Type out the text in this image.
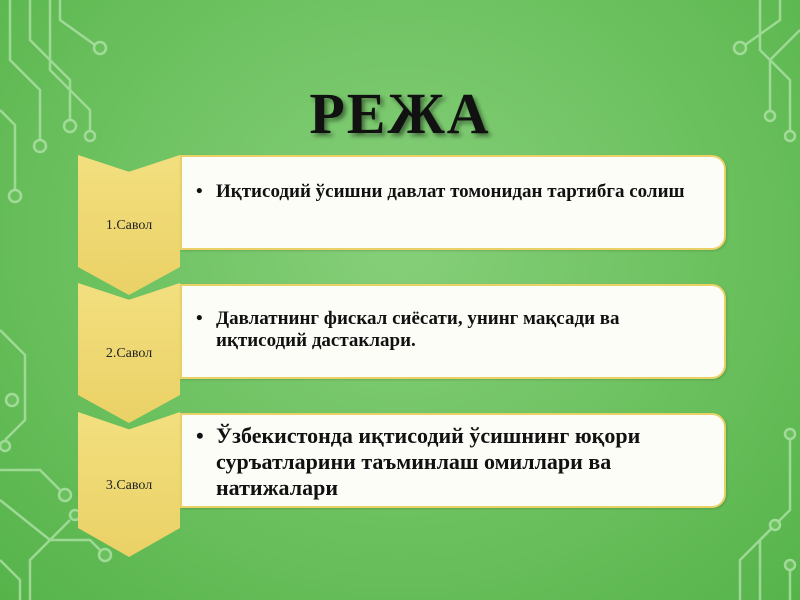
РЕЖА
1.Савол
• Иқтисодий ўсишни давлат томонидан тартибга солиш
2.Савол
• Давлатнинг фискал сиёсати, унинг мақсади ва иқтисодий дастаклари.
3.Савол
• Ўзбекистонда иқтисодий ўсишнинг юқори суръатларини таъминлаш омиллари ва натижалари
